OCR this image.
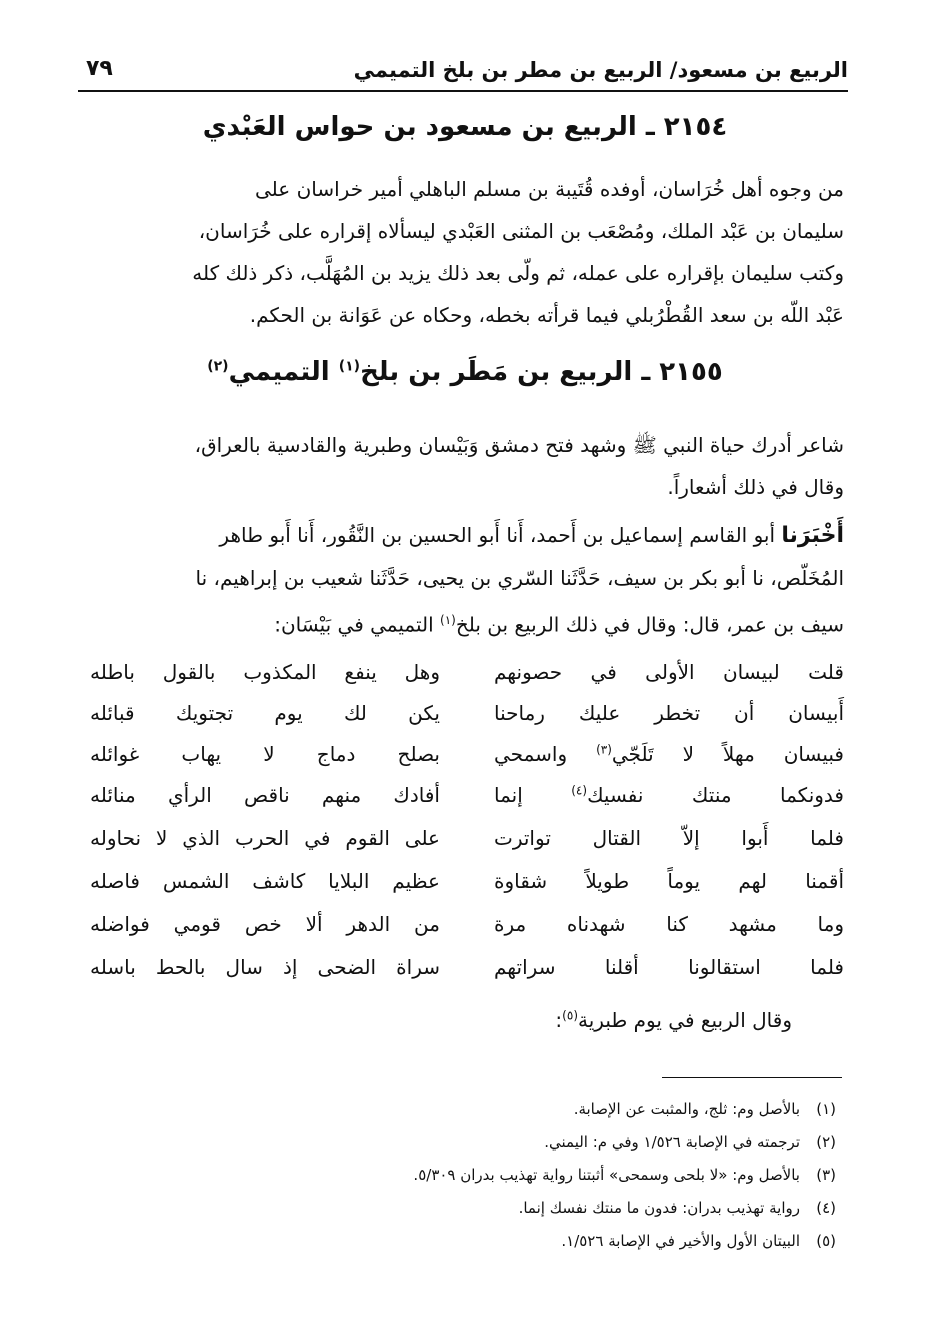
الربيع بن مسعود/ الربيع بن مطر بن بلخ التميمي
٧٩
٢١٥٤ ـ الربيع بن مسعود بن حواس العَبْدي
من وجوه أهل خُرَاسان، أوفده قُتَيبة بن مسلم الباهلي أمير خراسان على
سليمان بن عَبْد الملك، ومُصْعَب بن المثنى العَبْدي ليسألاه إقراره على خُرَاسان،
وكتب سليمان بإقراره على عمله، ثم ولّى بعد ذلك يزيد بن المُهَلَّب، ذكر ذلك كله
عَبْد اللّه بن سعد القُطْرُبلي فيما قرأته بخطه، وحكاه عن عَوَانة بن الحكم.
٢١٥٥ ـ الربيع بن مَطَر بن بلخ$^{(١)}$ التميمي$^{(٢)}$
شاعر أدرك حياة النبي ﷺ وشهد فتح دمشق وَبَيْسان وطبرية والقادسية بالعراق،
وقال في ذلك أشعاراً.
أَخْبَرَنا أبو القاسم إسماعيل بن أَحمد، أَنا أَبو الحسين بن النَّقُور، أَنا أَبو طاهر
المُخَلّص، نا أبو بكر بن سيف، حَدَّثَنا السّري بن يحيى، حَدَّثَنا شعيب بن إبراهيم، نا
سيف بن عمر، قال: وقال في ذلك الربيع بن بلخ$^{(١)}$ التميمي في بَيْسَان:
قلت لبيسان الأولى في حصونهم
وهل ينفع المكذوب بالقول باطله
أَبيسان أن تخطر عليك رماحنا
يكن لك يوم تجتويك قبائله
فبيسان مهلاً لا تَلَجّي$^{(٣)}$ واسمحي
بصلح دماج لا يهاب غوائله
فدونكما منتك نفسيك$^{(٤)}$ إنما
أفادك منهم ناقص الرأي منائله
فلما أَبوا إلاّ القتال تواترت
على القوم في الحرب الذي لا نحاوله
أقمنا لهم يوماً طويلاً شقاوة
عظيم البلايا كاشف الشمس فاصله
وما مشهد كنا شهدناه مرة
من الدهر ألا خص قومي فواضله
فلما استقالونا أقلنا سراتهم
سراة الضحى إذ سال بالحط باسله
وقال الربيع في يوم طبرية$^{(٥)}$:
(١)بالأصل وم: ثلج، والمثبت عن الإصابة.
(٢)ترجمته في الإصابة ١/٥٢٦ وفي م: اليمني.
(٣)بالأصل وم: «لا بلحى وسمحى» أثبتنا رواية تهذيب بدران ٥/٣٠٩.
(٤)رواية تهذيب بدران: فدون ما منتك نفسك إنما.
(٥)البيتان الأول والأخير في الإصابة ١/٥٢٦.
